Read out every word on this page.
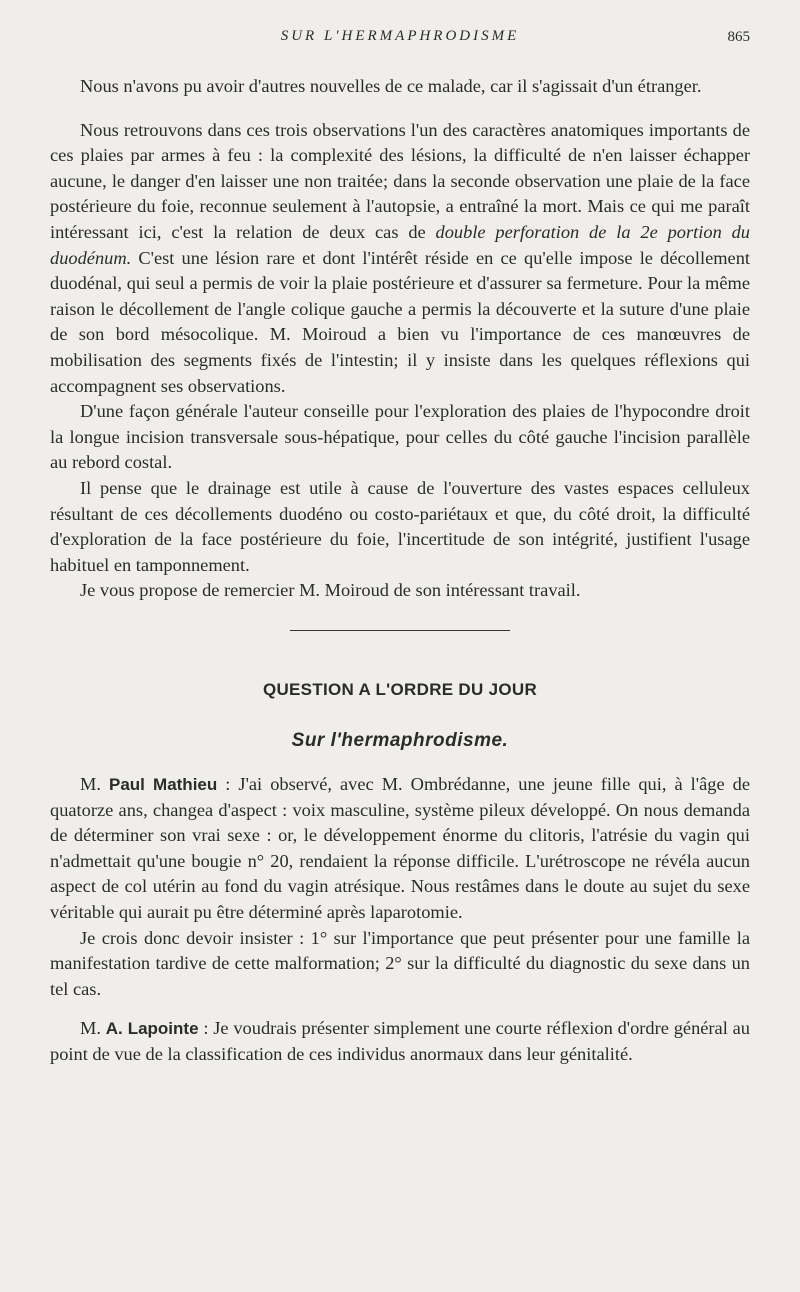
SUR L'HERMAPHRODISME	865

Nous n'avons pu avoir d'autres nouvelles de ce malade, car il s'agissait d'un étranger.

Nous retrouvons dans ces trois observations l'un des caractères anatomiques importants de ces plaies par armes à feu : la complexité des lésions, la difficulté de n'en laisser échapper aucune, le danger d'en laisser une non traitée; dans la seconde observation une plaie de la face postérieure du foie, reconnue seulement à l'autopsie, a entraîné la mort. Mais ce qui me paraît intéressant ici, c'est la relation de deux cas de double perforation de la 2e portion du duodénum. C'est une lésion rare et dont l'intérêt réside en ce qu'elle impose le décollement duodénal, qui seul a permis de voir la plaie postérieure et d'assurer sa fermeture. Pour la même raison le décollement de l'angle colique gauche a permis la découverte et la suture d'une plaie de son bord mésocolique. M. Moiroud a bien vu l'importance de ces manœuvres de mobilisation des segments fixés de l'intestin; il y insiste dans les quelques réflexions qui accompagnent ses observations.

D'une façon générale l'auteur conseille pour l'exploration des plaies de l'hypocondre droit la longue incision transversale sous-hépatique, pour celles du côté gauche l'incision parallèle au rebord costal.

Il pense que le drainage est utile à cause de l'ouverture des vastes espaces celluleux résultant de ces décollements duodéno ou costo-pariétaux et que, du côté droit, la difficulté d'exploration de la face postérieure du foie, l'incertitude de son intégrité, justifient l'usage habituel en tamponnement.

Je vous propose de remercier M. Moiroud de son intéressant travail.

QUESTION A L'ORDRE DU JOUR
Sur l'hermaphrodisme.

M. Paul Mathieu : J'ai observé, avec M. Ombrédanne, une jeune fille qui, à l'âge de quatorze ans, changea d'aspect : voix masculine, système pileux développé. On nous demanda de déterminer son vrai sexe : or, le développement énorme du clitoris, l'atrésie du vagin qui n'admettait qu'une bougie n° 20, rendaient la réponse difficile. L'urétroscope ne révéla aucun aspect de col utérin au fond du vagin atrésique. Nous restâmes dans le doute au sujet du sexe véritable qui aurait pu être déterminé après laparotomie.

Je crois donc devoir insister : 1° sur l'importance que peut présenter pour une famille la manifestation tardive de cette malformation; 2° sur la difficulté du diagnostic du sexe dans un tel cas.

M. A. Lapointe : Je voudrais présenter simplement une courte réflexion d'ordre général au point de vue de la classification de ces individus anormaux dans leur génitalité.
